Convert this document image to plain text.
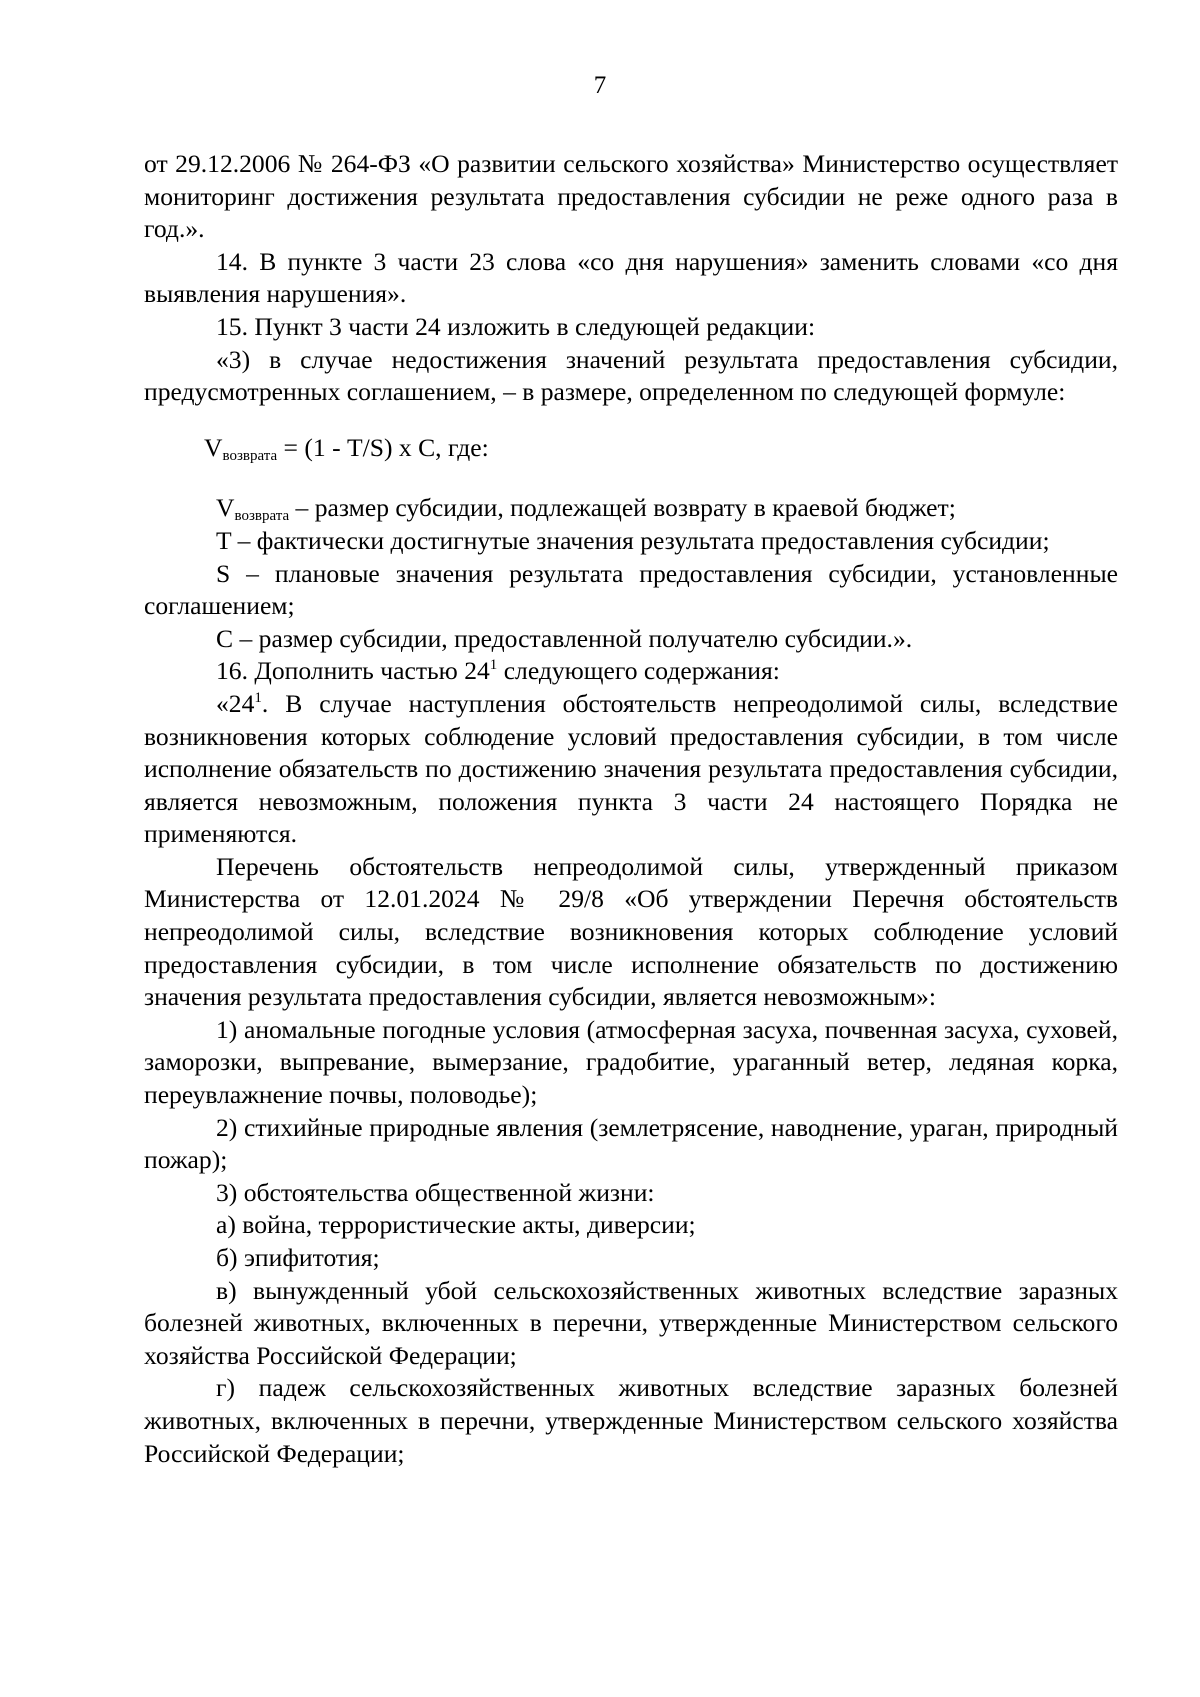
7

от 29.12.2006 № 264-ФЗ «О развитии сельского хозяйства» Министерство осуществляет мониторинг достижения результата предоставления субсидии не реже одного раза в год.».

14. В пункте 3 части 23 слова «со дня нарушения» заменить словами «со дня выявления нарушения».

15. Пункт 3 части 24 изложить в следующей редакции:

«3) в случае недостижения значений результата предоставления субсидии, предусмотренных соглашением, – в размере, определенном по следующей формуле:

$V_{возврата} = (1 - T/S)$ x C, где:

$V_{возврата}$ – размер субсидии, подлежащей возврату в краевой бюджет;

T – фактически достигнутые значения результата предоставления субсидии;

S – плановые значения результата предоставления субсидии, установленные соглашением;

C – размер субсидии, предоставленной получателю субсидии.».

16. Дополнить частью $24^1$ следующего содержания:

«$24^1$. В случае наступления обстоятельств непреодолимой силы, вследствие возникновения которых соблюдение условий предоставления субсидии, в том числе исполнение обязательств по достижению значения результата предоставления субсидии, является невозможным, положения пункта 3 части 24 настоящего Порядка не применяются.

Перечень обстоятельств непреодолимой силы, утвержденный приказом Министерства от 12.01.2024 № 29/8 «Об утверждении Перечня обстоятельств непреодолимой силы, вследствие возникновения которых соблюдение условий предоставления субсидии, в том числе исполнение обязательств по достижению значения результата предоставления субсидии, является невозможным»:

1) аномальные погодные условия (атмосферная засуха, почвенная засуха, суховей, заморозки, выпревание, вымерзание, градобитие, ураганный ветер, ледяная корка, переувлажнение почвы, половодье);

2) стихийные природные явления (землетрясение, наводнение, ураган, природный пожар);

3) обстоятельства общественной жизни:

а) война, террористические акты, диверсии;

б) эпифитотия;

в) вынужденный убой сельскохозяйственных животных вследствие заразных болезней животных, включенных в перечни, утвержденные Министерством сельского хозяйства Российской Федерации;

г) падеж сельскохозяйственных животных вследствие заразных болезней животных, включенных в перечни, утвержденные Министерством сельского хозяйства Российской Федерации;
